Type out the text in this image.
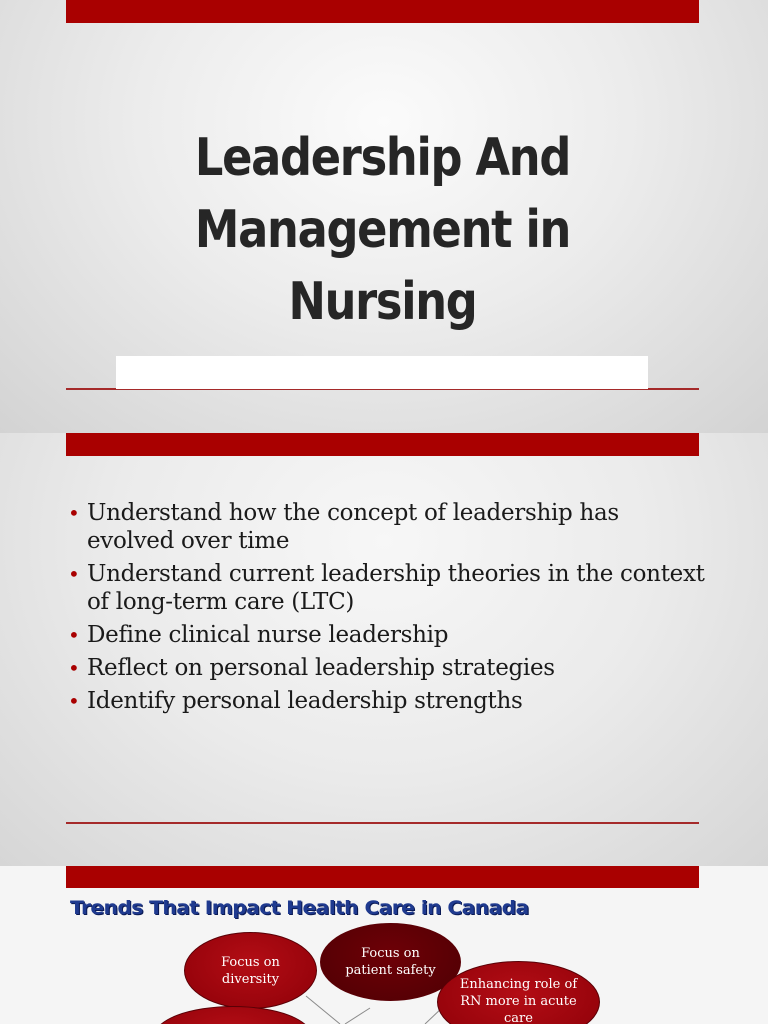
Leadership And
Management in
Nursing
• Understand how the concept of leadership has evolved over time
• Understand current leadership theories in the context of long-term care (LTC)
• Define clinical nurse leadership
• Reflect on personal leadership strategies
• Identify personal leadership strengths
Trends That Impact Health Care in Canada
Focus on
diversity
Focus on
patient safety
Enhancing role of
RN more in acute
care
